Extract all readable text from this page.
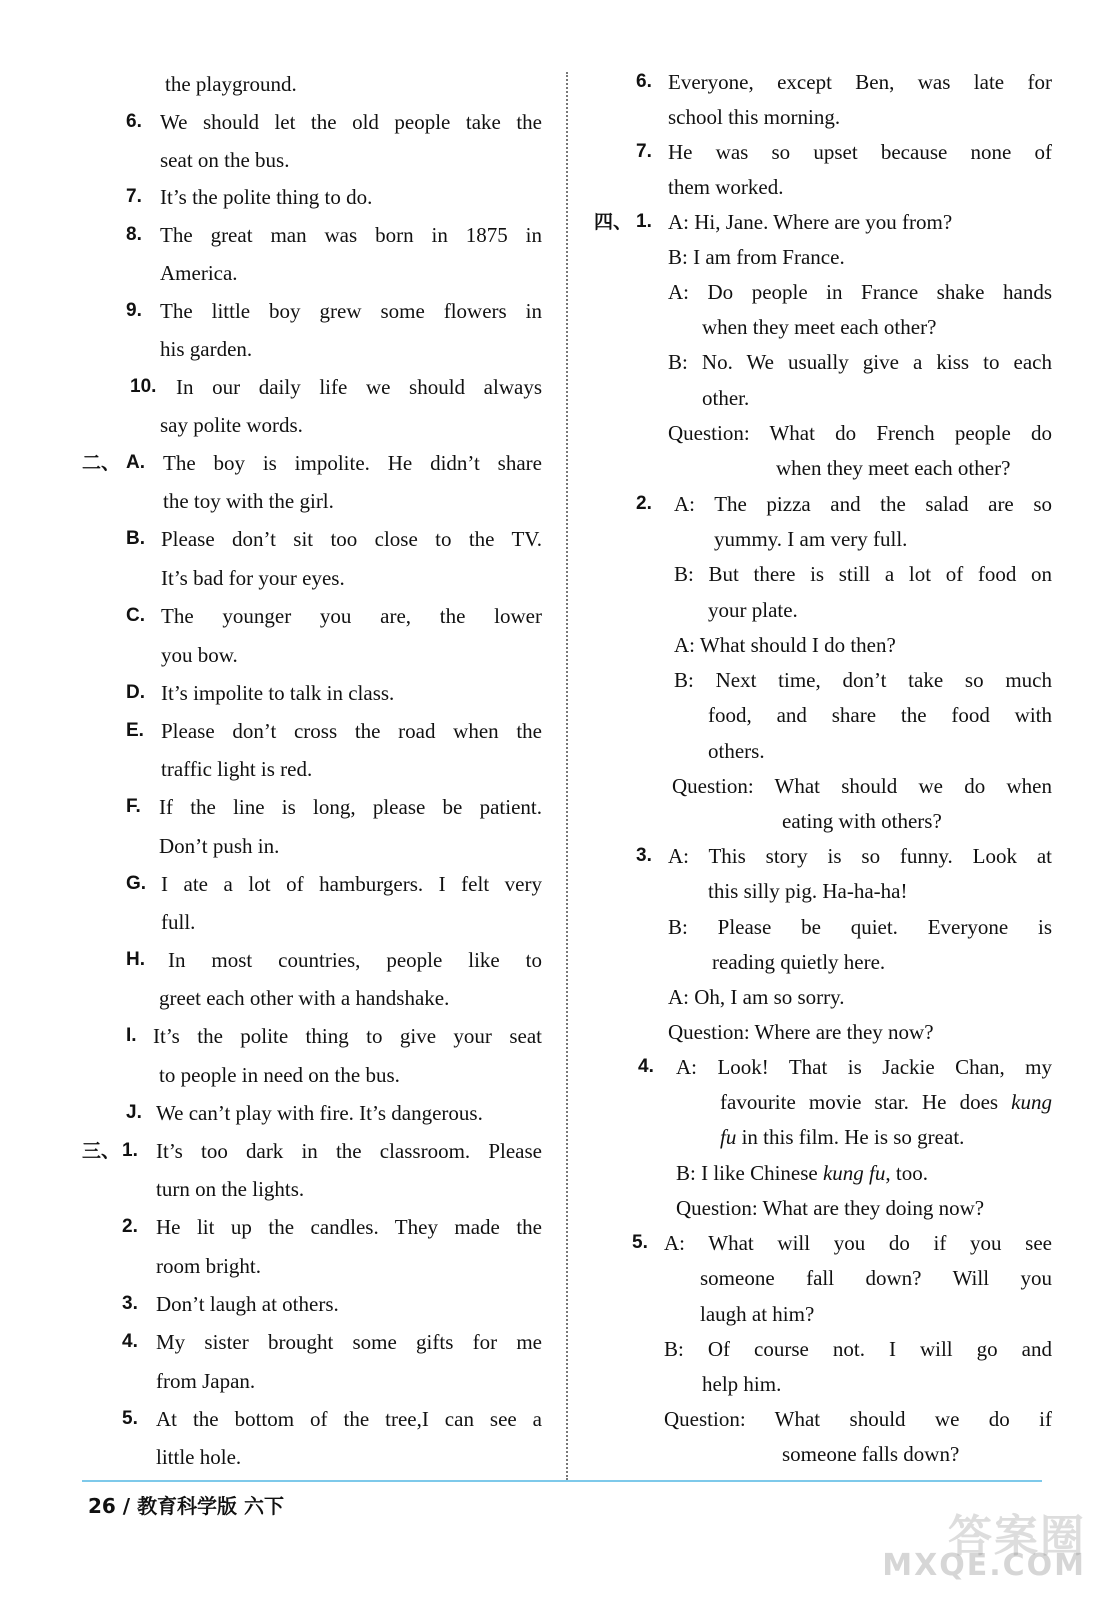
the playground.
6. We should let the old people take the
seat on the bus.
7. It’s the polite thing to do.
8. The great man was born in 1875 in
America.
9. The little boy grew some flowers in
his garden.
10. In our daily life we should always
say polite words.
二、 A. The boy is impolite. He didn’t share
the toy with the girl.
B. Please don’t sit too close to the TV.
It’s bad for your eyes.
C. The younger you are, the lower
you bow.
D. It’s impolite to talk in class.
E. Please don’t cross the road when the
traffic light is red.
F. If the line is long, please be patient.
Don’t push in.
G. I ate a lot of hamburgers. I felt very
full.
H. In most countries, people like to
greet each other with a handshake.
I. It’s the polite thing to give your seat
to people in need on the bus.
J. We can’t play with fire. It’s dangerous.
三、 1. It’s too dark in the classroom. Please
turn on the lights.
2. He lit up the candles. They made the
room bright.
3. Don’t laugh at others.
4. My sister brought some gifts for me
from Japan.
5. At the bottom of the tree,I can see a
little hole.
6. Everyone, except Ben, was late for
school this morning.
7. He was so upset because none of
them worked.
四、 1. A: Hi, Jane. Where are you from?
B: I am from France.
A: Do people in France shake hands
when they meet each other?
B: No. We usually give a kiss to each
other.
Question: What do French people do
when they meet each other?
2. A: The pizza and the salad are so
yummy. I am very full.
B: But there is still a lot of food on
your plate.
A: What should I do then?
B: Next time, don’t take so much
food, and share the food with
others.
Question: What should we do when
eating with others?
3. A: This story is so funny. Look at
this silly pig. Ha-ha-ha!
B: Please be quiet. Everyone is
reading quietly here.
A: Oh, I am so sorry.
Question: Where are they now?
4. A: Look! That is Jackie Chan, my
favourite movie star. He does kung
fu in this film. He is so great.
B: I like Chinese kung fu, too.
Question: What are they doing now?
5. A: What will you do if you see
someone fall down? Will you
laugh at him?
B: Of course not. I will go and
help him.
Question: What should we do if
someone falls down?
26 / 教育科学版 六下
答案圈
MXQE.COM
